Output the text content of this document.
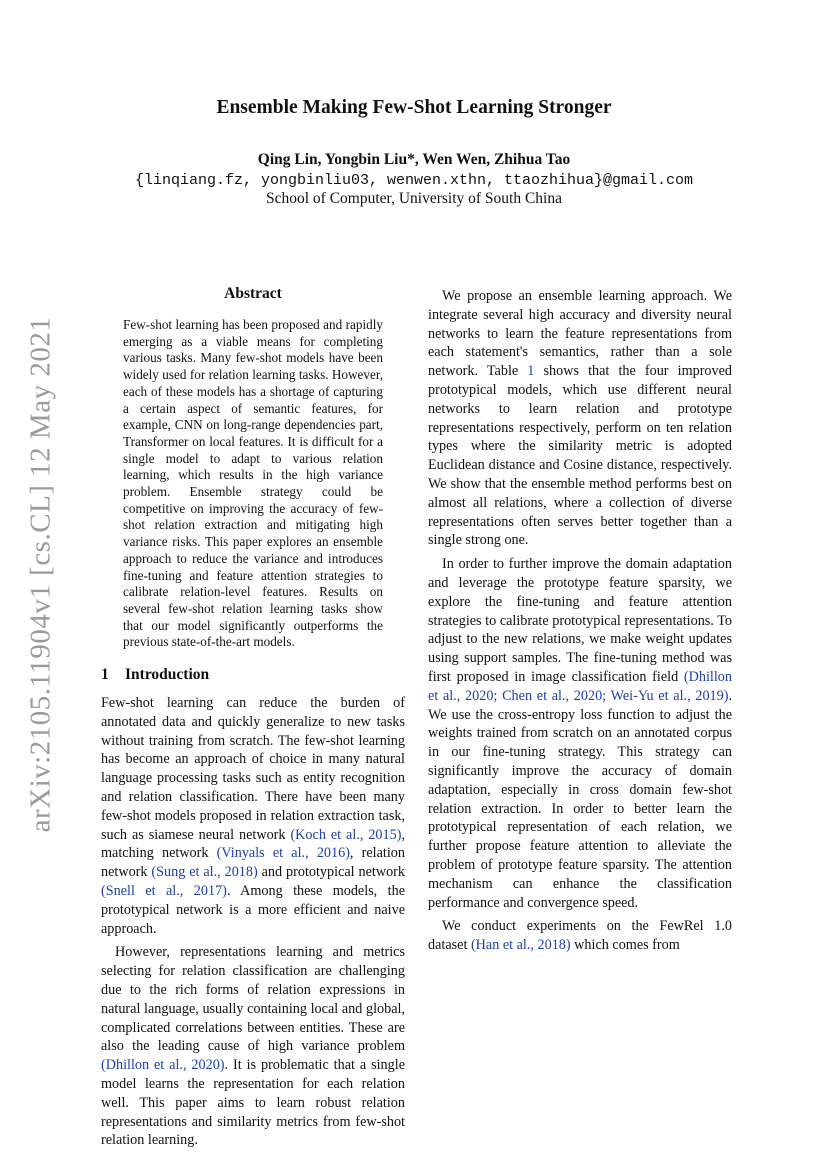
arXiv:2105.11904v1 [cs.CL] 12 May 2021
Ensemble Making Few-Shot Learning Stronger
Qing Lin, Yongbin Liu*, Wen Wen, Zhihua Tao
{linqiang.fz, yongbinliu03, wenwen.xthn, ttaozhihua}@gmail.com
School of Computer, University of South China
Abstract
Few-shot learning has been proposed and rapidly emerging as a viable means for completing various tasks. Many few-shot models have been widely used for relation learning tasks. However, each of these models has a shortage of capturing a certain aspect of semantic features, for example, CNN on long-range dependencies part, Transformer on local features. It is difficult for a single model to adapt to various relation learning, which results in the high variance problem. Ensemble strategy could be competitive on improving the accuracy of few-shot relation extraction and mitigating high variance risks. This paper explores an ensemble approach to reduce the variance and introduces fine-tuning and feature attention strategies to calibrate relation-level features. Results on several few-shot relation learning tasks show that our model significantly outperforms the previous state-of-the-art models.
1 Introduction

Few-shot learning can reduce the burden of annotated data and quickly generalize to new tasks without training from scratch. The few-shot learning has become an approach of choice in many natural language processing tasks such as entity recognition and relation classification. There have been many few-shot models proposed in relation extraction task, such as siamese neural network (Koch et al., 2015), matching network (Vinyals et al., 2016), relation network (Sung et al., 2018) and prototypical network (Snell et al., 2017). Among these models, the prototypical network is a more efficient and naive approach.

However, representations learning and metrics selecting for relation classification are challenging due to the rich forms of relation expressions in natural language, usually containing local and global, complicated correlations between entities. These are also the leading cause of high variance problem (Dhillon et al., 2020). It is problematic that a single model learns the representation for each relation well. This paper aims to learn robust relation representations and similarity metrics from few-shot relation learning.

We propose an ensemble learning approach. We integrate several high accuracy and diversity neural networks to learn the feature representations from each statement's semantics, rather than a sole network. Table 1 shows that the four improved prototypical models, which use different neural networks to learn relation and prototype representations respectively, perform on ten relation types where the similarity metric is adopted Euclidean distance and Cosine distance, respectively. We show that the ensemble method performs best on almost all relations, where a collection of diverse representations often serves better together than a single strong one.

In order to further improve the domain adaptation and leverage the prototype feature sparsity, we explore the fine-tuning and feature attention strategies to calibrate prototypical representations. To adjust to the new relations, we make weight updates using support samples. The fine-tuning method was first proposed in image classification field (Dhillon et al., 2020; Chen et al., 2020; Wei-Yu et al., 2019). We use the cross-entropy loss function to adjust the weights trained from scratch on an annotated corpus in our fine-tuning strategy. This strategy can significantly improve the accuracy of domain adaptation, especially in cross domain few-shot relation extraction. In order to better learn the prototypical representation of each relation, we further propose feature attention to alleviate the problem of prototype feature sparsity. The attention mechanism can enhance the classification performance and convergence speed.

We conduct experiments on the FewRel 1.0 dataset (Han et al., 2018) which comes from
